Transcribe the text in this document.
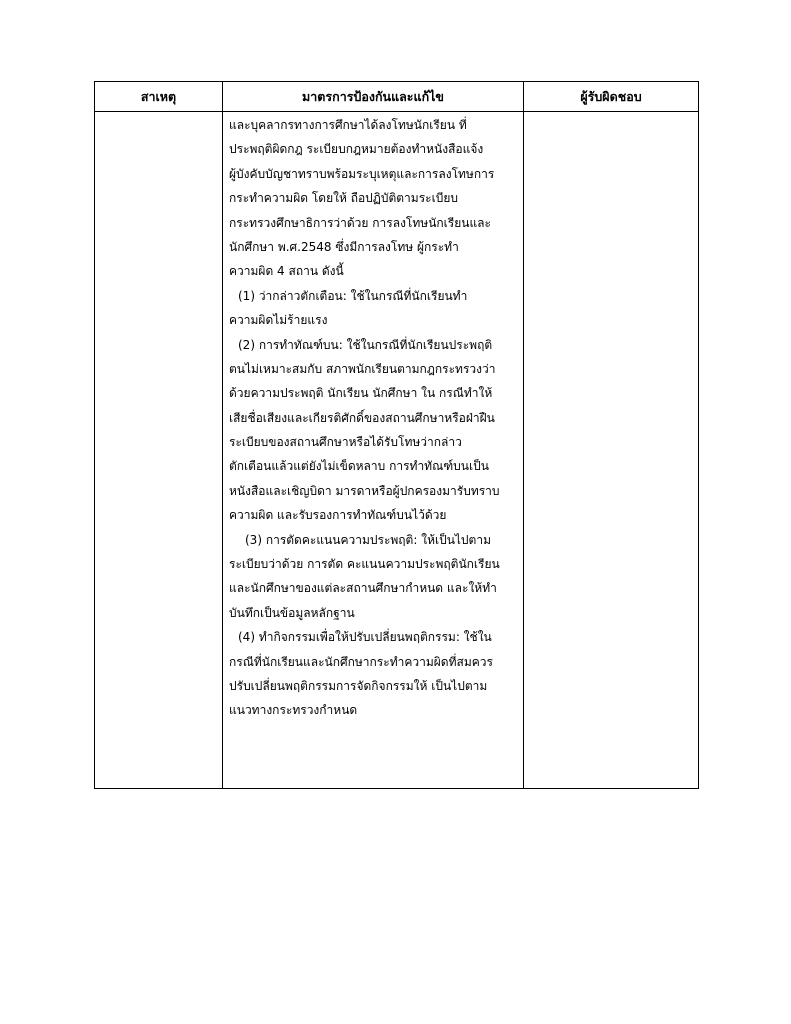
สาเหตุ	มาตรการป้องกันและแก้ไข	ผู้รับผิดชอบ
และบุคลากรทางการศึกษาได้ลงโทษนักเรียน ที่
ประพฤติผิดกฎ ระเบียบกฎหมายต้องทำหนังสือแจ้ง
ผู้บังคับบัญชาทราบพร้อมระบุเหตุและการลงโทษการ
กระทำความผิด โดยให้ ถือปฏิบัติตามระเบียบ
กระทรวงศึกษาธิการว่าด้วย การลงโทษนักเรียนและ
นักศึกษา พ.ศ.2548 ซึ่งมีการลงโทษ ผู้กระทำ
ความผิด 4 สถาน ดังนี้
(1) ว่ากล่าวตักเตือน: ใช้ในกรณีที่นักเรียนทำ
ความผิดไม่ร้ายแรง
(2) การทำทัณฑ์บน: ใช้ในกรณีที่นักเรียนประพฤติ
ตนไม่เหมาะสมกับ สภาพนักเรียนตามกฎกระทรวงว่า
ด้วยความประพฤติ นักเรียน นักศึกษา ใน กรณีทำให้
เสียชื่อเสียงและเกียรติศักดิ์ของสถานศึกษาหรือฝ่าฝืน
ระเบียบของสถานศึกษาหรือได้รับโทษว่ากล่าว
ตักเตือนแล้วแต่ยังไม่เข็ดหลาบ การทำทัณฑ์บนเป็น
หนังสือและเชิญบิดา มารดาหรือผู้ปกครองมารับทราบ
ความผิด และรับรองการทำทัณฑ์บนไว้ด้วย
(3) การตัดคะแนนความประพฤติ: ให้เป็นไปตาม
ระเบียบว่าด้วย การตัด คะแนนความประพฤตินักเรียน
และนักศึกษาของแต่ละสถานศึกษากำหนด และให้ทำ
บันทึกเป็นข้อมูลหลักฐาน
(4) ทำกิจกรรมเพื่อให้ปรับเปลี่ยนพฤติกรรม: ใช้ใน
กรณีที่นักเรียนและนักศึกษากระทำความผิดที่สมควร
ปรับเปลี่ยนพฤติกรรมการจัดกิจกรรมให้ เป็นไปตาม
แนวทางกระทรวงกำหนด
